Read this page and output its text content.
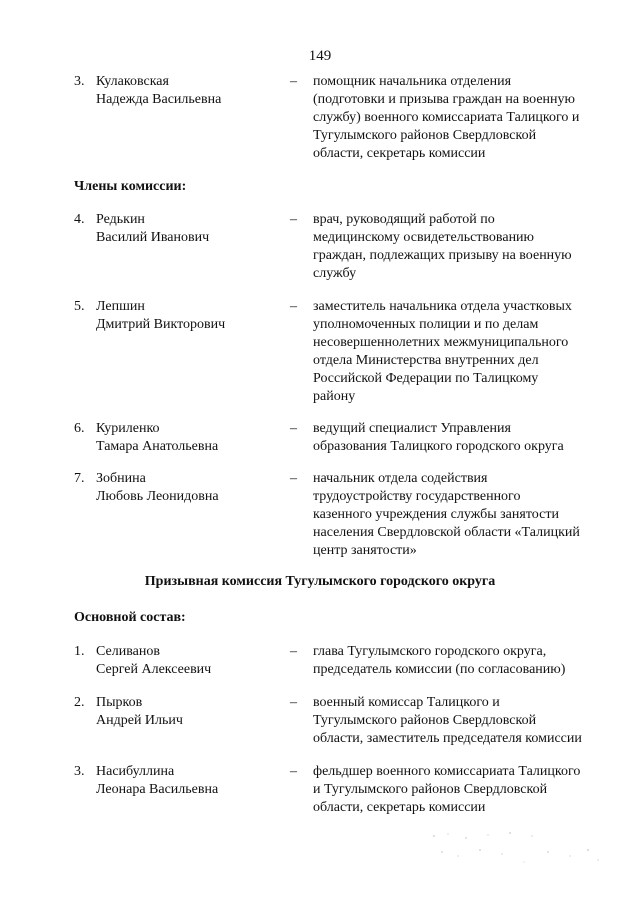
149
3. Кулаковская
Надежда Васильевна
– помощник начальника отделения
(подготовки и призыва граждан на военную
службу) военного комиссариата Талицкого и
Тугулымского районов Свердловской
области, секретарь комиссии
Члены комиссии:
4. Редькин
Василий Иванович
– врач, руководящий работой по
медицинскому освидетельствованию
граждан, подлежащих призыву на военную
службу
5. Лепшин
Дмитрий Викторович
– заместитель начальника отдела участковых
уполномоченных полиции и по делам
несовершеннолетних межмуниципального
отдела Министерства внутренних дел
Российской Федерации по Талицкому
району
6. Куриленко
Тамара Анатольевна
– ведущий специалист Управления
образования Талицкого городского округа
7. Зобнина
Любовь Леонидовна
– начальник отдела содействия
трудоустройству государственного
казенного учреждения службы занятости
населения Свердловской области «Талицкий
центр занятости»
Призывная комиссия Тугулымского городского округа
Основной состав:
1. Селиванов
Сергей Алексеевич
– глава Тугулымского городского округа,
председатель комиссии (по согласованию)
2. Пырков
Андрей Ильич
– военный комиссар Талицкого и
Тугулымского районов Свердловской
области, заместитель председателя комиссии
3. Насибуллина
Леонара Васильевна
– фельдшер военного комиссариата Талицкого
и Тугулымского районов Свердловской
области, секретарь комиссии
